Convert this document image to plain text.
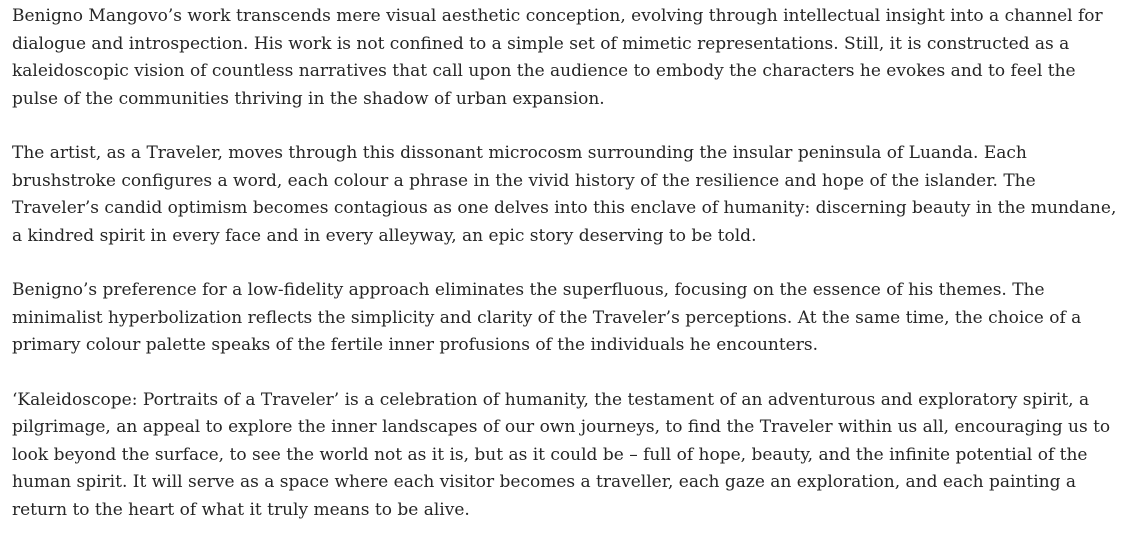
Benigno Mangovo’s work transcends mere visual aesthetic conception, evolving through intellectual insight into a channel for dialogue and introspection. His work is not confined to a simple set of mimetic representations. Still, it is constructed as a kaleidoscopic vision of countless narratives that call upon the audience to embody the characters he evokes and to feel the pulse of the communities thriving in the shadow of urban expansion.

The artist, as a Traveler, moves through this dissonant microcosm surrounding the insular peninsula of Luanda. Each brushstroke configures a word, each colour a phrase in the vivid history of the resilience and hope of the islander. The Traveler’s candid optimism becomes contagious as one delves into this enclave of humanity: discerning beauty in the mundane, a kindred spirit in every face and in every alleyway, an epic story deserving to be told.

Benigno’s preference for a low-fidelity approach eliminates the superfluous, focusing on the essence of his themes. The minimalist hyperbolization reflects the simplicity and clarity of the Traveler’s perceptions. At the same time, the choice of a primary colour palette speaks of the fertile inner profusions of the individuals he encounters.

‘Kaleidoscope: Portraits of a Traveler’ is a celebration of humanity, the testament of an adventurous and exploratory spirit, a pilgrimage, an appeal to explore the inner landscapes of our own journeys, to find the Traveler within us all, encouraging us to look beyond the surface, to see the world not as it is, but as it could be – full of hope, beauty, and the infinite potential of the human spirit. It will serve as a space where each visitor becomes a traveller, each gaze an exploration, and each painting a return to the heart of what it truly means to be alive.
